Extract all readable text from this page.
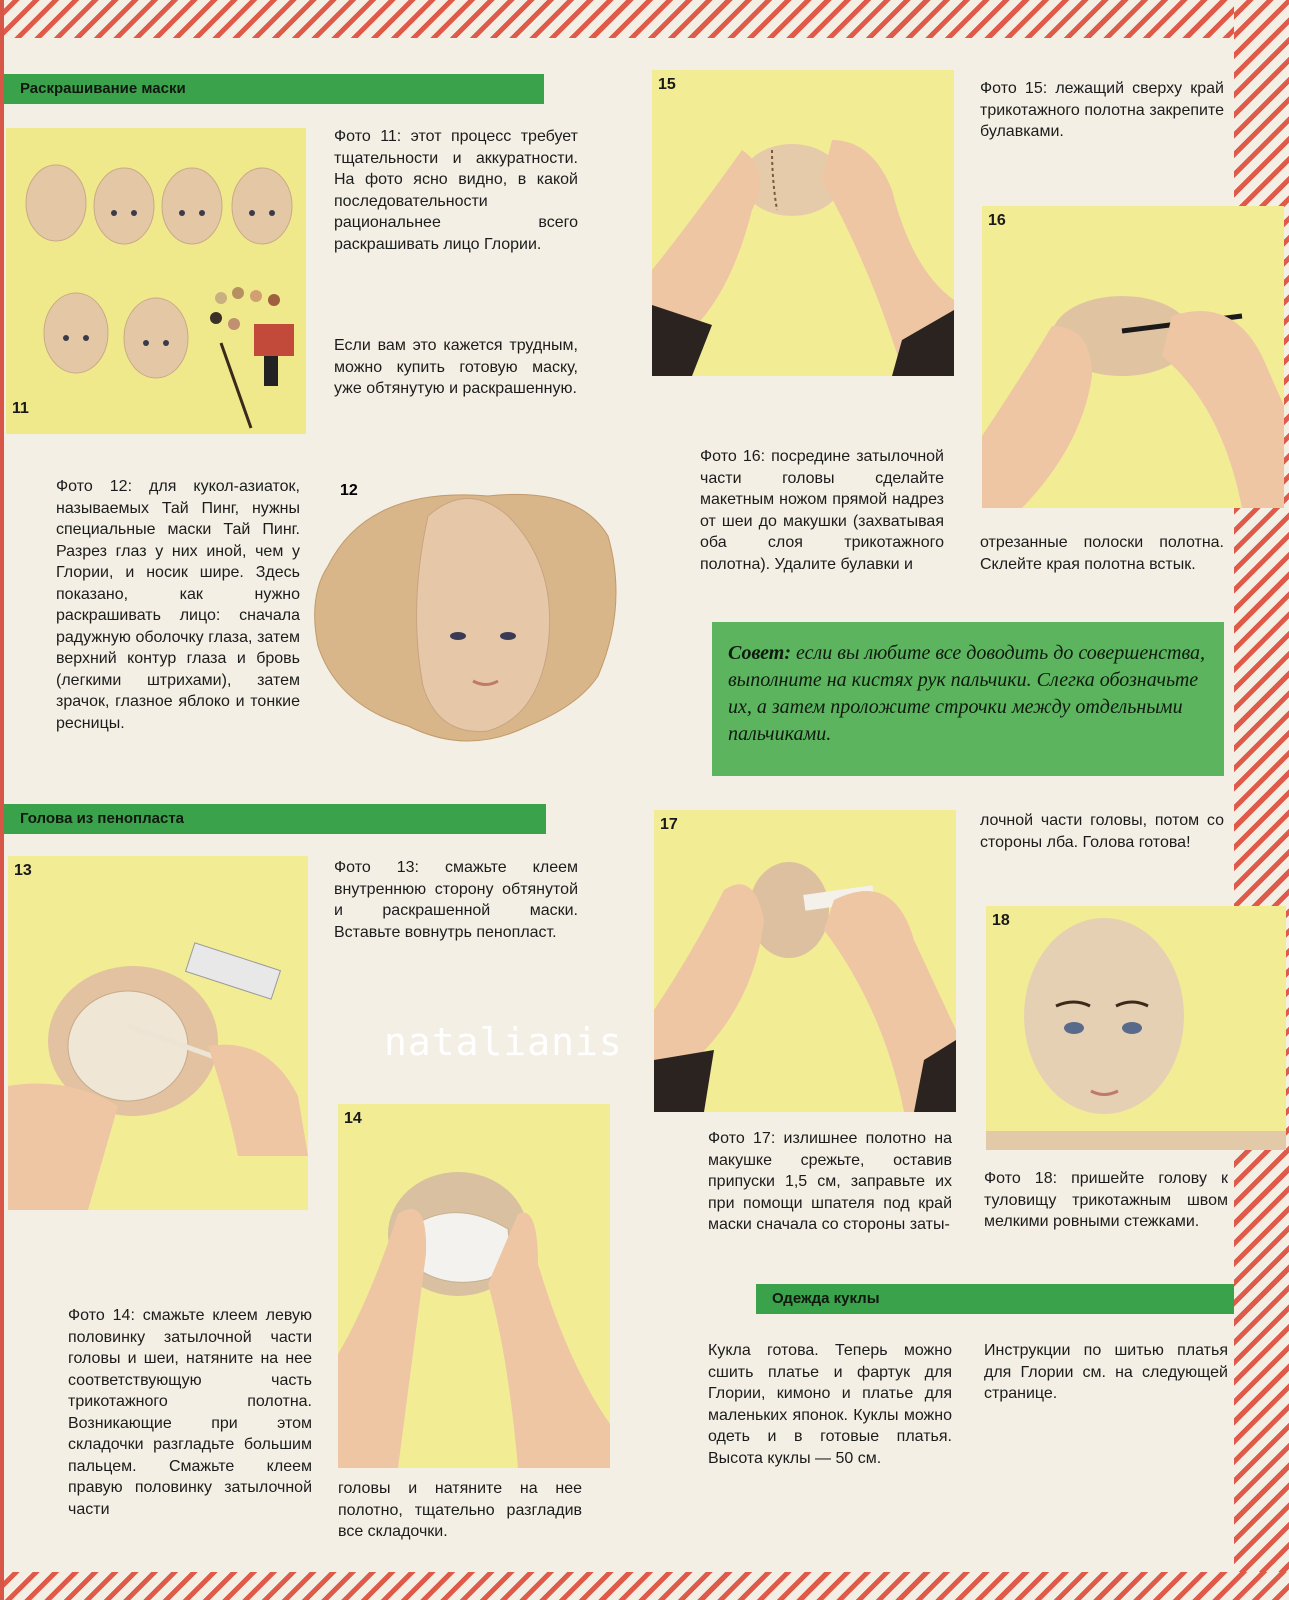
Раскрашивание маски
11

Фото 11: этот процесс требует тщательности и аккуратности. На фото ясно видно, в какой последовательности рациональнее всего раскрашивать лицо Глории.

Если вам это кажется трудным, можно купить готовую маску, уже обтянутую и раскрашенную.

Фото 12: для кукол-азиаток, называемых Тай Пинг, нужны специальные маски Тай Пинг. Разрез глаз у них иной, чем у Глории, и носик шире. Здесь показано, как нужно раскрашивать лицо: сначала радужную оболочку глаза, затем верхний контур глаза и бровь (легкими штрихами), затем зрачок, глазное яблоко и тонкие ресницы.

12
Голова из пенопласта
13	Фото 13: смажьте клеем внутреннюю сторону обтянутой и раскрашенной маски. Вставьте вовнутрь пенопласт.

natalianis
14

Фото 14: смажьте клеем левую половинку затылочной части головы и шеи, натяните на нее соответствующую часть трикотажного полотна. Возникающие при этом складочки разгладьте большим пальцем. Смажьте клеем правую половинку затылочной части

головы и натяните на нее полотно, тщательно разгладив все складочки.

15	Фото 15: лежащий сверху край трикотажного полотна закрепите булавками.

16

Фото 16: посредине затылочной части головы сделайте макетным ножом прямой надрез от шеи до макушки (захватывая оба слоя трикотажного полотна). Удалите булавки и

отрезанные полоски полотна. Склейте края полотна встык.

Совет: если вы любите все доводить до совершенства, выполните на кистях рук пальчики. Слегка обозначьте их, а затем проложите строчки между отдельными пальчиками.
17	лочной части головы, потом со стороны лба. Голова готова!

18

Фото 17: излишнее полотно на макушке срежьте, оставив припуски 1,5 см, заправьте их при помощи шпателя под край маски сначала со стороны заты-

Фото 18: пришейте голову к туловищу трикотажным швом мелкими ровными стежками.

Одежда куклы

Кукла готова. Теперь можно сшить платье и фартук для Глории, кимоно и платье для маленьких японок. Куклы можно одеть и в готовые платья. Высота куклы — 50 см.

Инструкции по шитью платья для Глории см. на следующей странице.
